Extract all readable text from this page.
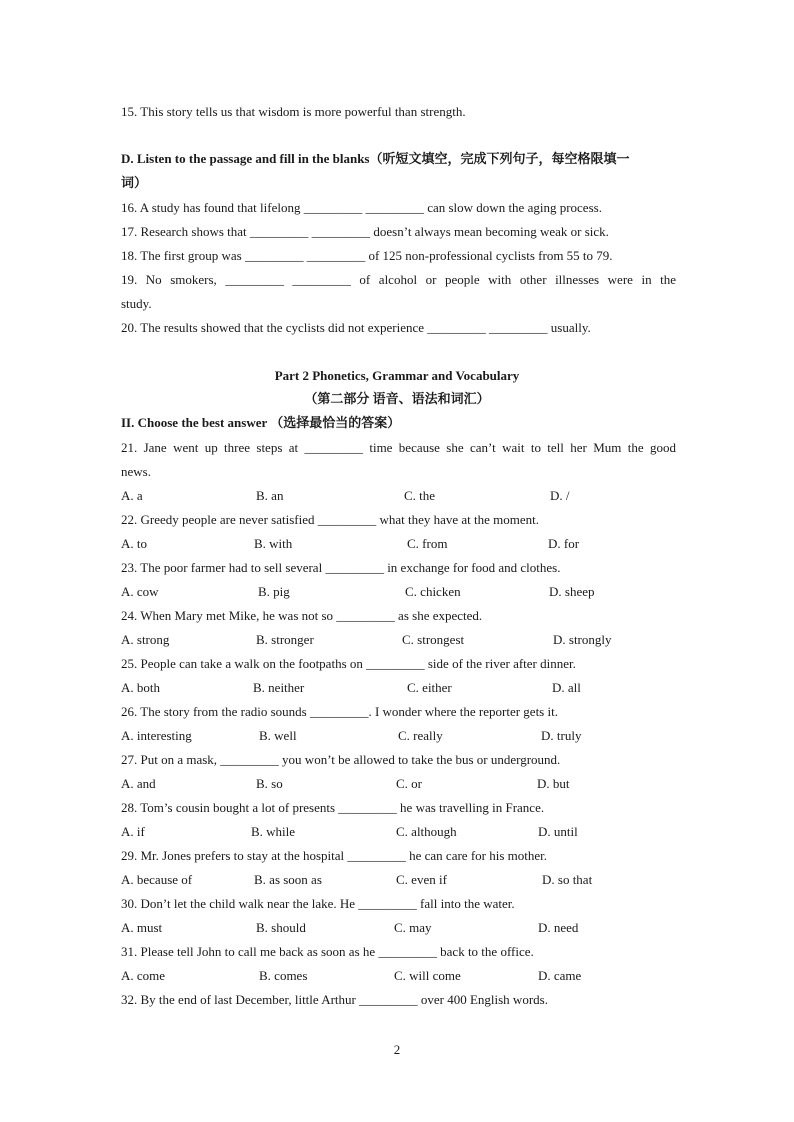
15. This story tells us that wisdom is more powerful than strength.
D. Listen to the passage and fill in the blanks（听短文填空，完成下列句子，每空格限填一
词）
16. A study has found that lifelong _________ _________ can slow down the aging process.
17. Research shows that _________ _________ doesn’t always mean becoming weak or sick.
18. The first group was _________ _________ of 125 non-professional cyclists from 55 to 79.
19. No smokers, _________ _________ of alcohol or people with other illnesses were in the
study.
20. The results showed that the cyclists did not experience _________ _________ usually.
Part 2 Phonetics, Grammar and Vocabulary
（第二部分 语音、语法和词汇）
II. Choose the best answer （选择最恰当的答案）
21. Jane went up three steps at _________ time because she can’t wait to tell her Mum the good
news.
A. a	B. an	C. the	D. /
22. Greedy people are never satisfied _________ what they have at the moment.
A. to	B. with	C. from	D. for
23. The poor farmer had to sell several _________ in exchange for food and clothes.
A. cow	B. pig	C. chicken	D. sheep
24. When Mary met Mike, he was not so _________ as she expected.
A. strong	B. stronger	C. strongest	D. strongly
25. People can take a walk on the footpaths on _________ side of the river after dinner.
A. both	B. neither	C. either	D. all
26. The story from the radio sounds _________. I wonder where the reporter gets it.
A. interesting	B. well	C. really	D. truly
27. Put on a mask, _________ you won’t be allowed to take the bus or underground.
A. and	B. so	C. or	D. but
28. Tom’s cousin bought a lot of presents _________ he was travelling in France.
A. if	B. while	C. although	D. until
29. Mr. Jones prefers to stay at the hospital _________ he can care for his mother.
A. because of	B. as soon as	C. even if	D. so that
30. Don’t let the child walk near the lake. He _________ fall into the water.
A. must	B. should	C. may	D. need
31. Please tell John to call me back as soon as he _________ back to the office.
A. come	B. comes	C. will come	D. came
32. By the end of last December, little Arthur _________ over 400 English words.
2
